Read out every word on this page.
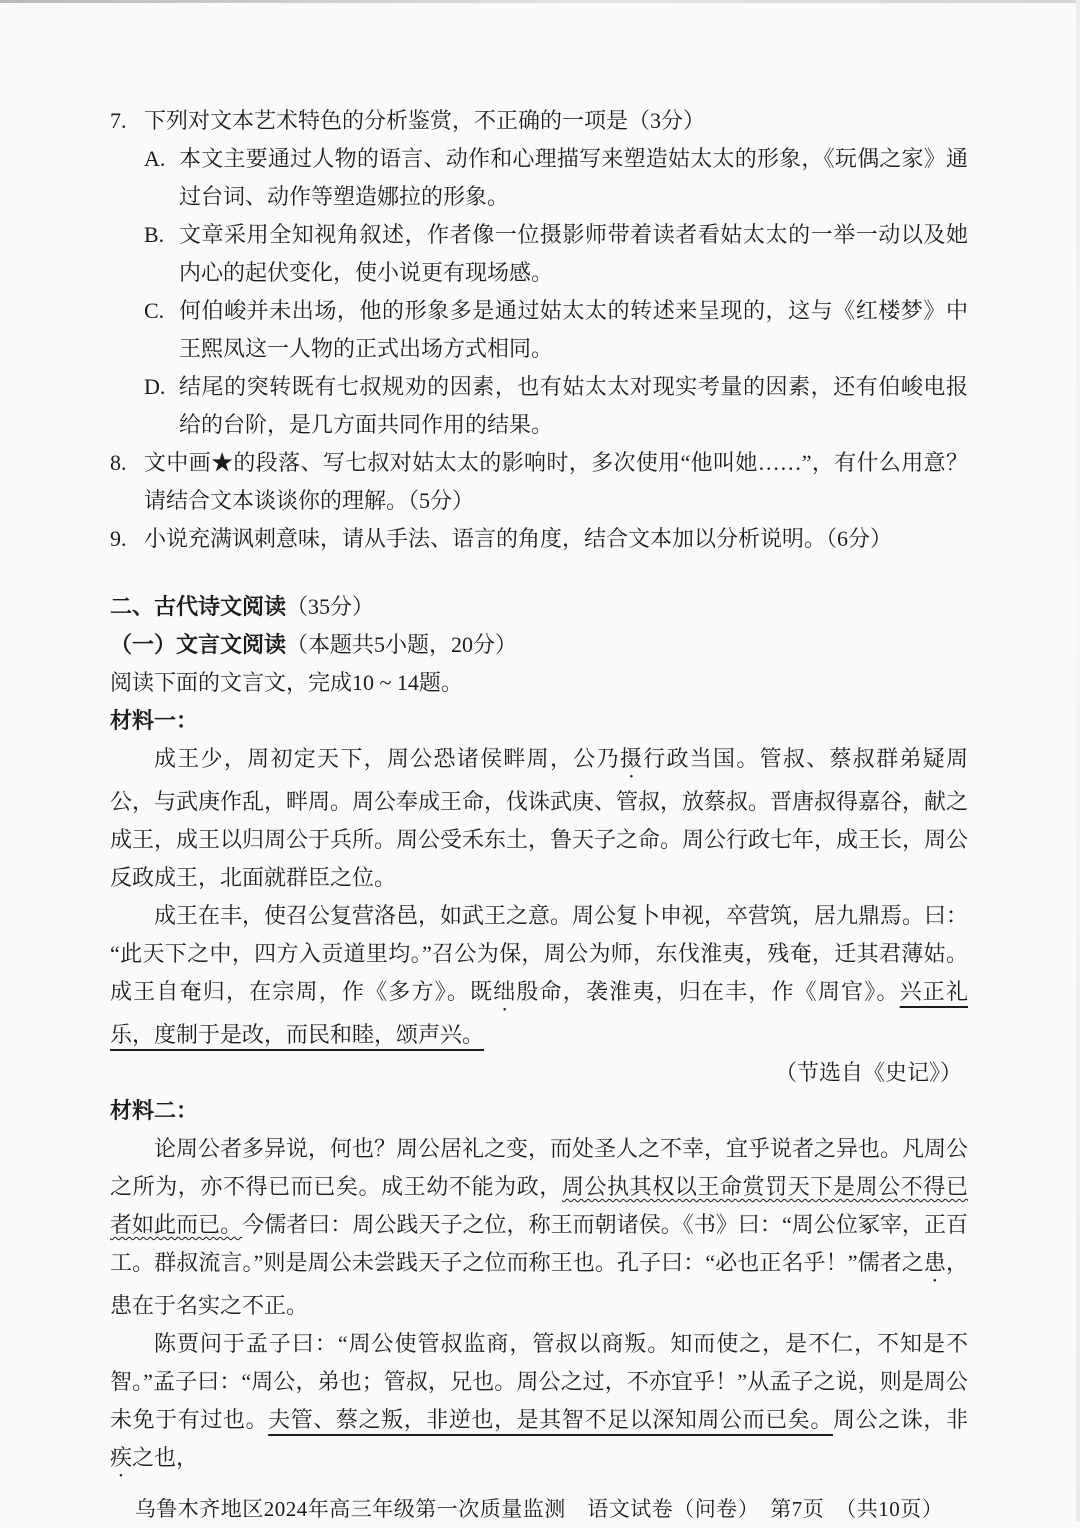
7. 下列对文本艺术特色的分析鉴赏，不正确的一项是（3分）

A. 本文主要通过人物的语言、动作和心理描写来塑造姑太太的形象，《玩偶之家》通过台词、动作等塑造娜拉的形象。

B. 文章采用全知视角叙述，作者像一位摄影师带着读者看姑太太的一举一动以及她内心的起伏变化，使小说更有现场感。

C. 何伯峻并未出场，他的形象多是通过姑太太的转述来呈现的，这与《红楼梦》中王熙凤这一人物的正式出场方式相同。

D. 结尾的突转既有七叔规劝的因素，也有姑太太对现实考量的因素，还有伯峻电报给的台阶，是几方面共同作用的结果。

8. 文中画★的段落、写七叔对姑太太的影响时，多次使用“他叫她……”，有什么用意？请结合文本谈谈你的理解。（5分）

9. 小说充满讽刺意味，请从手法、语言的角度，结合文本加以分析说明。（6分）

二、古代诗文阅读（35分）

（一）文言文阅读（本题共5小题，20分）

阅读下面的文言文，完成10 ~ 14题。

材料一：

成王少，周初定天下，周公恐诸侯畔周，公乃摄行政当国。管叔、蔡叔群弟疑周公，与武庚作乱，畔周。周公奉成王命，伐诛武庚、管叔，放蔡叔。晋唐叔得嘉谷，献之成王，成王以归周公于兵所。周公受禾东土，鲁天子之命。周公行政七年，成王长，周公反政成王，北面就群臣之位。

成王在丰，使召公复营洛邑，如武王之意。周公复卜申视，卒营筑，居九鼎焉。曰：“此天下之中，四方入贡道里均。”召公为保，周公为师，东伐淮夷，残奄，迁其君薄姑。成王自奄归，在宗周，作《多方》。既绌殷命，袭淮夷，归在丰，作《周官》。兴正礼乐，度制于是改，而民和睦，颂声兴。

（节选自《史记》）

材料二：

论周公者多异说，何也？周公居礼之变，而处圣人之不幸，宜乎说者之异也。凡周公之所为，亦不得已而已矣。成王幼不能为政，周公执其权以王命赏罚天下是周公不得已者如此而已。今儒者曰：周公践天子之位，称王而朝诸侯。《书》曰：“周公位冢宰，正百工。群叔流言。”则是周公未尝践天子之位而称王也。孔子曰：“必也正名乎！”儒者之患，患在于名实之不正。

陈贾问于孟子曰：“周公使管叔监商，管叔以商叛。知而使之，是不仁，不知是不智。”孟子曰：“周公，弟也；管叔，兄也。周公之过，不亦宜乎！”从孟子之说，则是周公未免于有过也。夫管、蔡之叛，非逆也，是其智不足以深知周公而已矣。周公之诛，非疾之也，

乌鲁木齐地区2024年高三年级第一次质量监测　语文试卷（问卷）　第7页　（共10页）
